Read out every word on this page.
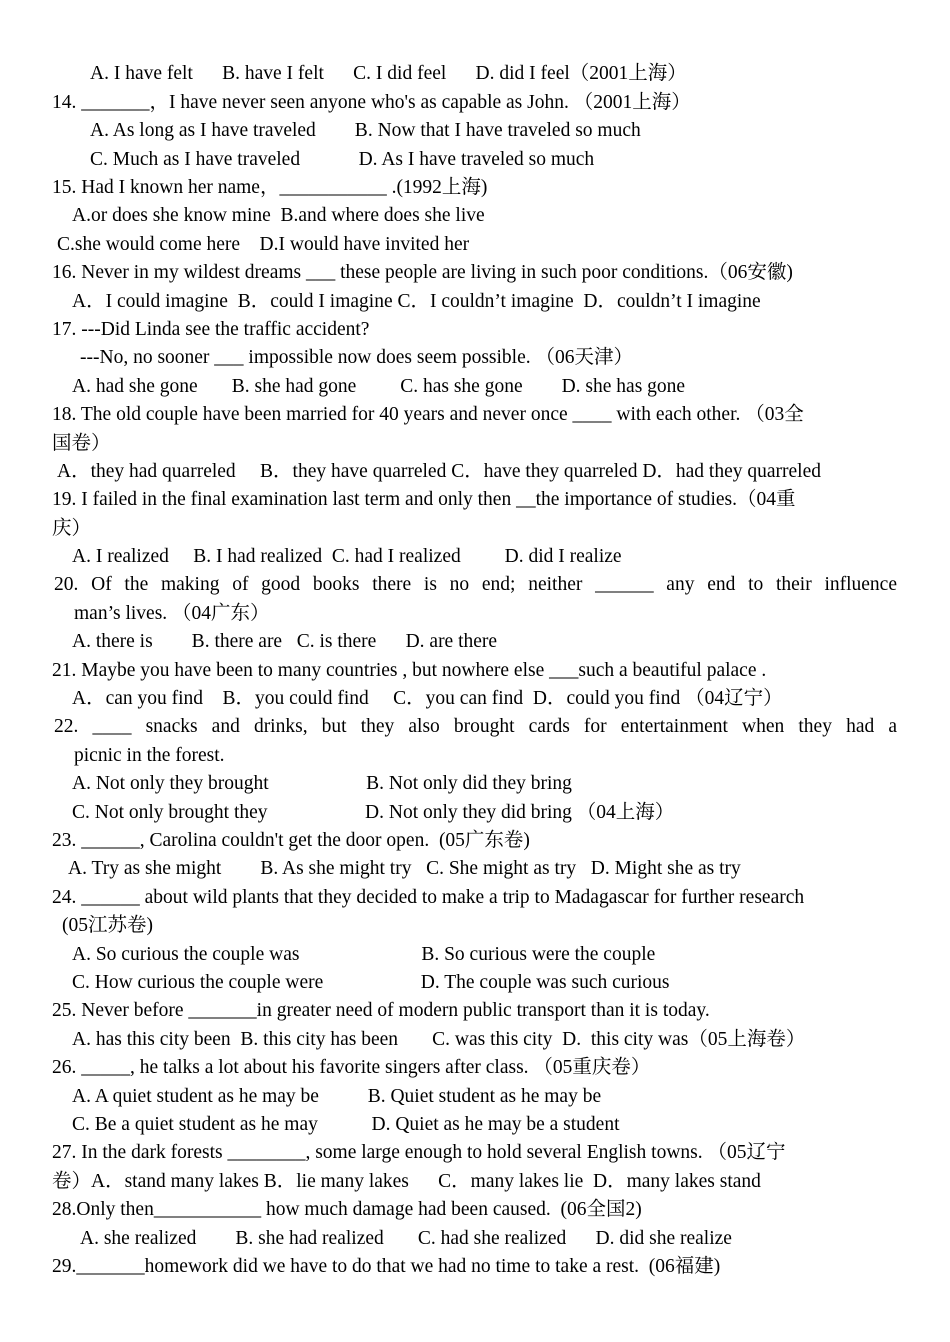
A. I have felt      B. have I felt      C. I did feel      D. did I feel（2001上海）
14. _______，I have never seen anyone who's as capable as John. （2001上海）
A. As long as I have traveled        B. Now that I have traveled so much
C. Much as I have traveled            D. As I have traveled so much
15. Had I known her name，___________ .(1992上海)
A.or does she know mine  B.and where does she live
C.she would come here    D.I would have invited her
16. Never in my wildest dreams ___ these people are living in such poor conditions.（06安徽)
A．I could imagine  B．could I imagine C．I couldn’t imagine  D．couldn’t I imagine
17. ---Did Linda see the traffic accident?
---No, no sooner ___ impossible now does seem possible. （06天津）
A. had she gone       B. she had gone         C. has she gone        D. she has gone
18. The old couple have been married for 40 years and never once ____ with each other. （03全
国卷）
A．they had quarreled     B．they have quarreled C．have they quarreled D．had they quarreled
19. I failed in the final examination last term and only then __the importance of studies.（04重
庆）
A. I realized     B. I had realized  C. had I realized         D. did I realize
20. Of the making of good books there is no end; neither ______ any end to their influence
man’s lives. （04广东）
A. there is        B. there are   C. is there      D. are there
21. Maybe you have been to many countries , but nowhere else ___such a beautiful palace .
A．can you find    B．you could find     C．you can find  D．could you find （04辽宁）
22. ____ snacks and drinks, but they also brought cards for entertainment when they had a
picnic in the forest.
A. Not only they brought                    B. Not only did they bring
C. Not only brought they                    D. Not only they did bring （04上海）
23. ______, Carolina couldn't get the door open.  (05广东卷)
A. Try as she might        B. As she might try   C. She might as try   D. Might she as try
24. ______ about wild plants that they decided to make a trip to Madagascar for further research
(05江苏卷)
A. So curious the couple was                         B. So curious were the couple
C. How curious the couple were                    D. The couple was such curious
25. Never before _______in greater need of modern public transport than it is today.
A. has this city been  B. this city has been       C. was this city  D.  this city was（05上海卷）
26. _____, he talks a lot about his favorite singers after class. （05重庆卷）
A. A quiet student as he may be          B. Quiet student as he may be
C. Be a quiet student as he may           D. Quiet as he may be a student
27. In the dark forests ________, some large enough to hold several English towns. （05辽宁
卷）A．stand many lakes B．lie many lakes      C．many lakes lie  D．many lakes stand
28.Only then___________ how much damage had been caused.  (06全国2)
A. she realized        B. she had realized       C. had she realized      D. did she realize
29._______homework did we have to do that we had no time to take a rest.  (06福建)
